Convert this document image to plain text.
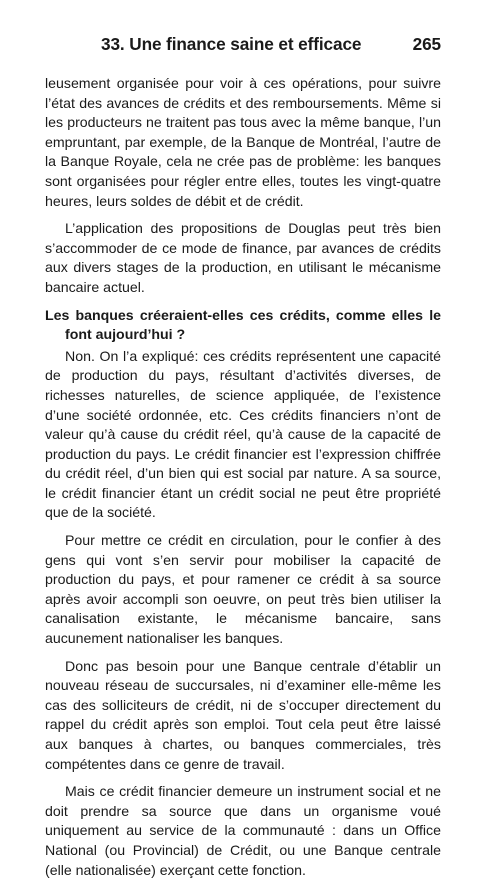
33. Une finance saine et efficace	265

leusement organisée pour voir à ces opérations, pour suivre l’état des avances de crédits et des remboursements. Même si les producteurs ne traitent pas tous avec la même banque, l’un empruntant, par exemple, de la Banque de Montréal, l’autre de la Banque Royale, cela ne crée pas de problème: les banques sont organisées pour régler entre elles, toutes les vingt-quatre heures, leurs soldes de débit et de crédit.

L’application des propositions de Douglas peut très bien s’accommoder de ce mode de finance, par avances de crédits aux divers stages de la production, en utilisant le mécanisme bancaire actuel.

Les banques créeraient-elles ces crédits, comme elles le font aujourd’hui ?

Non. On l’a expliqué: ces crédits représentent une capacité de production du pays, résultant d’activités diverses, de richesses naturelles, de science appliquée, de l’existence d’une société ordonnée, etc. Ces crédits financiers n’ont de valeur qu’à cause du crédit réel, qu’à cause de la capacité de production du pays. Le crédit financier est l’expression chiffrée du crédit réel, d’un bien qui est social par nature. A sa source, le crédit financier étant un crédit social ne peut être propriété que de la société.

Pour mettre ce crédit en circulation, pour le confier à des gens qui vont s’en servir pour mobiliser la capacité de production du pays, et pour ramener ce crédit à sa source après avoir accompli son oeuvre, on peut très bien utiliser la canalisation existante, le mécanisme bancaire, sans aucunement nationaliser les banques.

Donc pas besoin pour une Banque centrale d’établir un nouveau réseau de succursales, ni d’examiner elle-même les cas des solliciteurs de crédit, ni de s’occuper directement du rappel du crédit après son emploi. Tout cela peut être laissé aux banques à chartes, ou banques commerciales, très compétentes dans ce genre de travail.

Mais ce crédit financier demeure un instrument social et ne doit prendre sa source que dans un organisme voué uniquement au service de la communauté : dans un Office National (ou Provincial) de Crédit, ou une Banque centrale (elle nationalisée) exerçant cette fonction.
